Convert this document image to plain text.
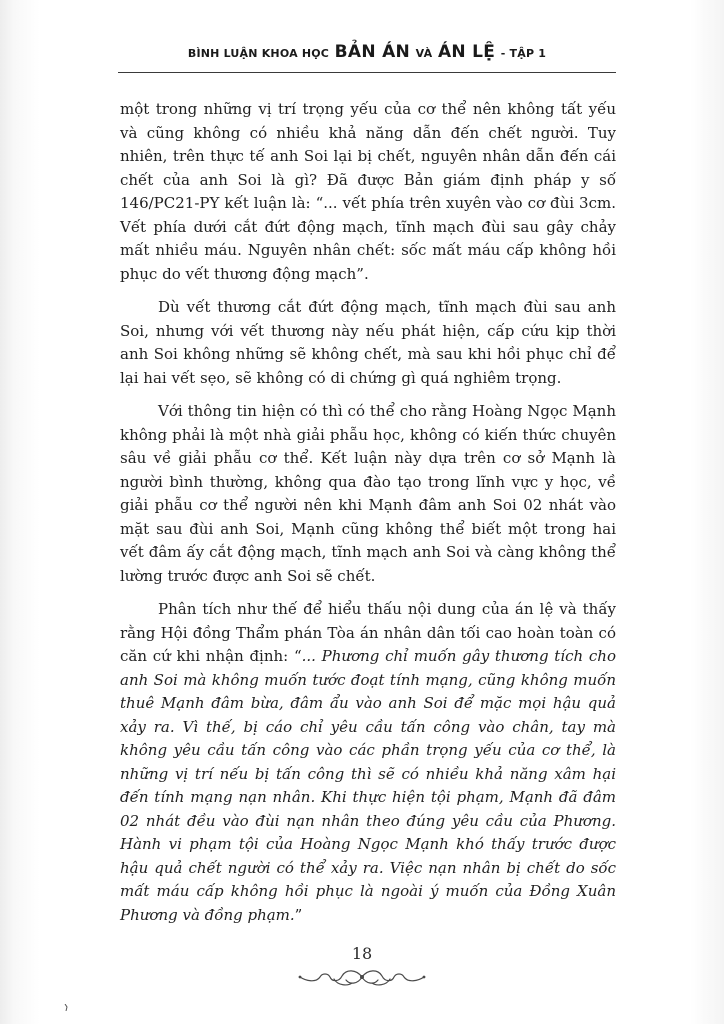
BÌNH LUẬN KHOA HỌC BẢN ÁN VÀ ÁN LỆ - TẬP 1

một trong những vị trí trọng yếu của cơ thể nên không tất yếu và cũng không có nhiều khả năng dẫn đến chết người. Tuy nhiên, trên thực tế anh Soi lại bị chết, nguyên nhân dẫn đến cái chết của anh Soi là gì? Đã được Bản giám định pháp y số 146/PC21-PY kết luận là: “... vết phía trên xuyên vào cơ đùi 3cm. Vết phía dưới cắt đứt động mạch, tĩnh mạch đùi sau gây chảy mất nhiều máu. Nguyên nhân chết: sốc mất máu cấp không hồi phục do vết thương động mạch”.

Dù vết thương cắt đứt động mạch, tĩnh mạch đùi sau anh Soi, nhưng với vết thương này nếu phát hiện, cấp cứu kịp thời anh Soi không những sẽ không chết, mà sau khi hồi phục chỉ để lại hai vết sẹo, sẽ không có di chứng gì quá nghiêm trọng.

Với thông tin hiện có thì có thể cho rằng Hoàng Ngọc Mạnh không phải là một nhà giải phẫu học, không có kiến thức chuyên sâu về giải phẫu cơ thể. Kết luận này dựa trên cơ sở Mạnh là người bình thường, không qua đào tạo trong lĩnh vực y học, về giải phẫu cơ thể người nên khi Mạnh đâm anh Soi 02 nhát vào mặt sau đùi anh Soi, Mạnh cũng không thể biết một trong hai vết đâm ấy cắt động mạch, tĩnh mạch anh Soi và càng không thể lường trước được anh Soi sẽ chết.

Phân tích như thế để hiểu thấu nội dung của án lệ và thấy rằng Hội đồng Thẩm phán Tòa án nhân dân tối cao hoàn toàn có căn cứ khi nhận định: “... Phương chỉ muốn gây thương tích cho anh Soi mà không muốn tước đoạt tính mạng, cũng không muốn thuê Mạnh đâm bừa, đâm ẩu vào anh Soi để mặc mọi hậu quả xảy ra. Vì thế, bị cáo chỉ yêu cầu tấn công vào chân, tay mà không yêu cầu tấn công vào các phần trọng yếu của cơ thể, là những vị trí nếu bị tấn công thì sẽ có nhiều khả năng xâm hại đến tính mạng nạn nhân. Khi thực hiện tội phạm, Mạnh đã đâm 02 nhát đều vào đùi nạn nhân theo đúng yêu cầu của Phương. Hành vi phạm tội của Hoàng Ngọc Mạnh khó thấy trước được hậu quả chết người có thể xảy ra. Việc nạn nhân bị chết do sốc mất máu cấp không hồi phục là ngoài ý muốn của Đồng Xuân Phương và đồng phạm.”

18
